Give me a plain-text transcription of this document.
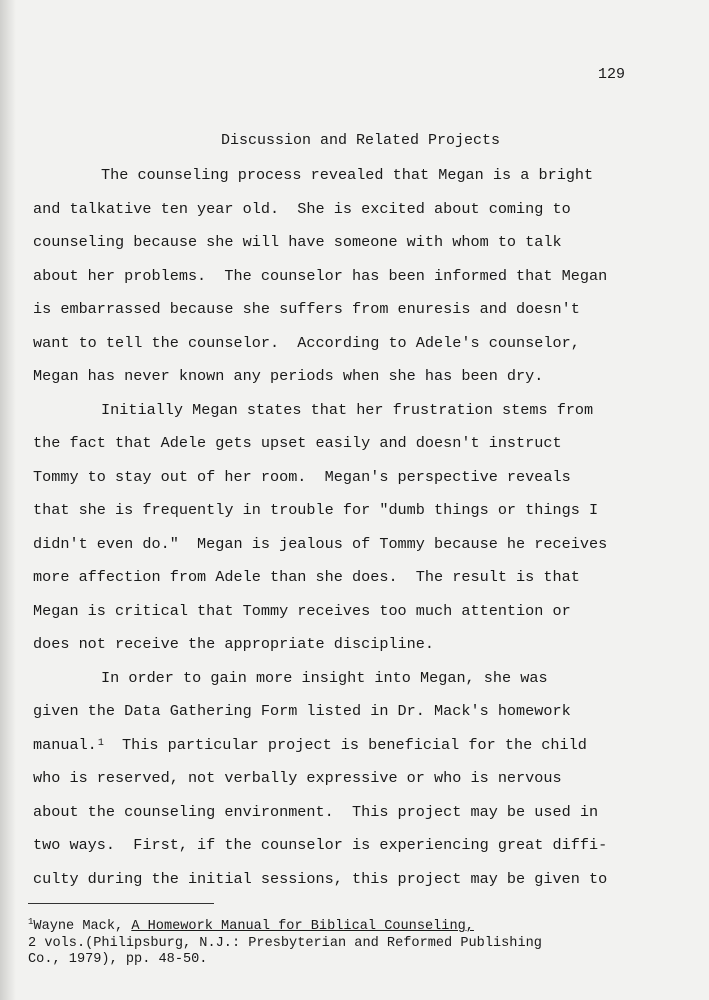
129
Discussion and Related Projects
The counseling process revealed that Megan is a bright
and talkative ten year old.  She is excited about coming to
counseling because she will have someone with whom to talk
about her problems.  The counselor has been informed that Megan
is embarrassed because she suffers from enuresis and doesn't
want to tell the counselor.  According to Adele's counselor,
Megan has never known any periods when she has been dry.
Initially Megan states that her frustration stems from
the fact that Adele gets upset easily and doesn't instruct
Tommy to stay out of her room.  Megan's perspective reveals
that she is frequently in trouble for "dumb things or things I
didn't even do."  Megan is jealous of Tommy because he receives
more affection from Adele than she does.  The result is that
Megan is critical that Tommy receives too much attention or
does not receive the appropriate discipline.
In order to gain more insight into Megan, she was
given the Data Gathering Form listed in Dr. Mack's homework
manual.$^1$  This particular project is beneficial for the child
who is reserved, not verbally expressive or who is nervous
about the counseling environment.  This project may be used in
two ways.  First, if the counselor is experiencing great diffi-
culty during the initial sessions, this project may be given to
$^1$Wayne Mack, A Homework Manual for Biblical Counseling,
2 vols.(Philipsburg, N.J.: Presbyterian and Reformed Publishing
Co., 1979), pp. 48-50.
